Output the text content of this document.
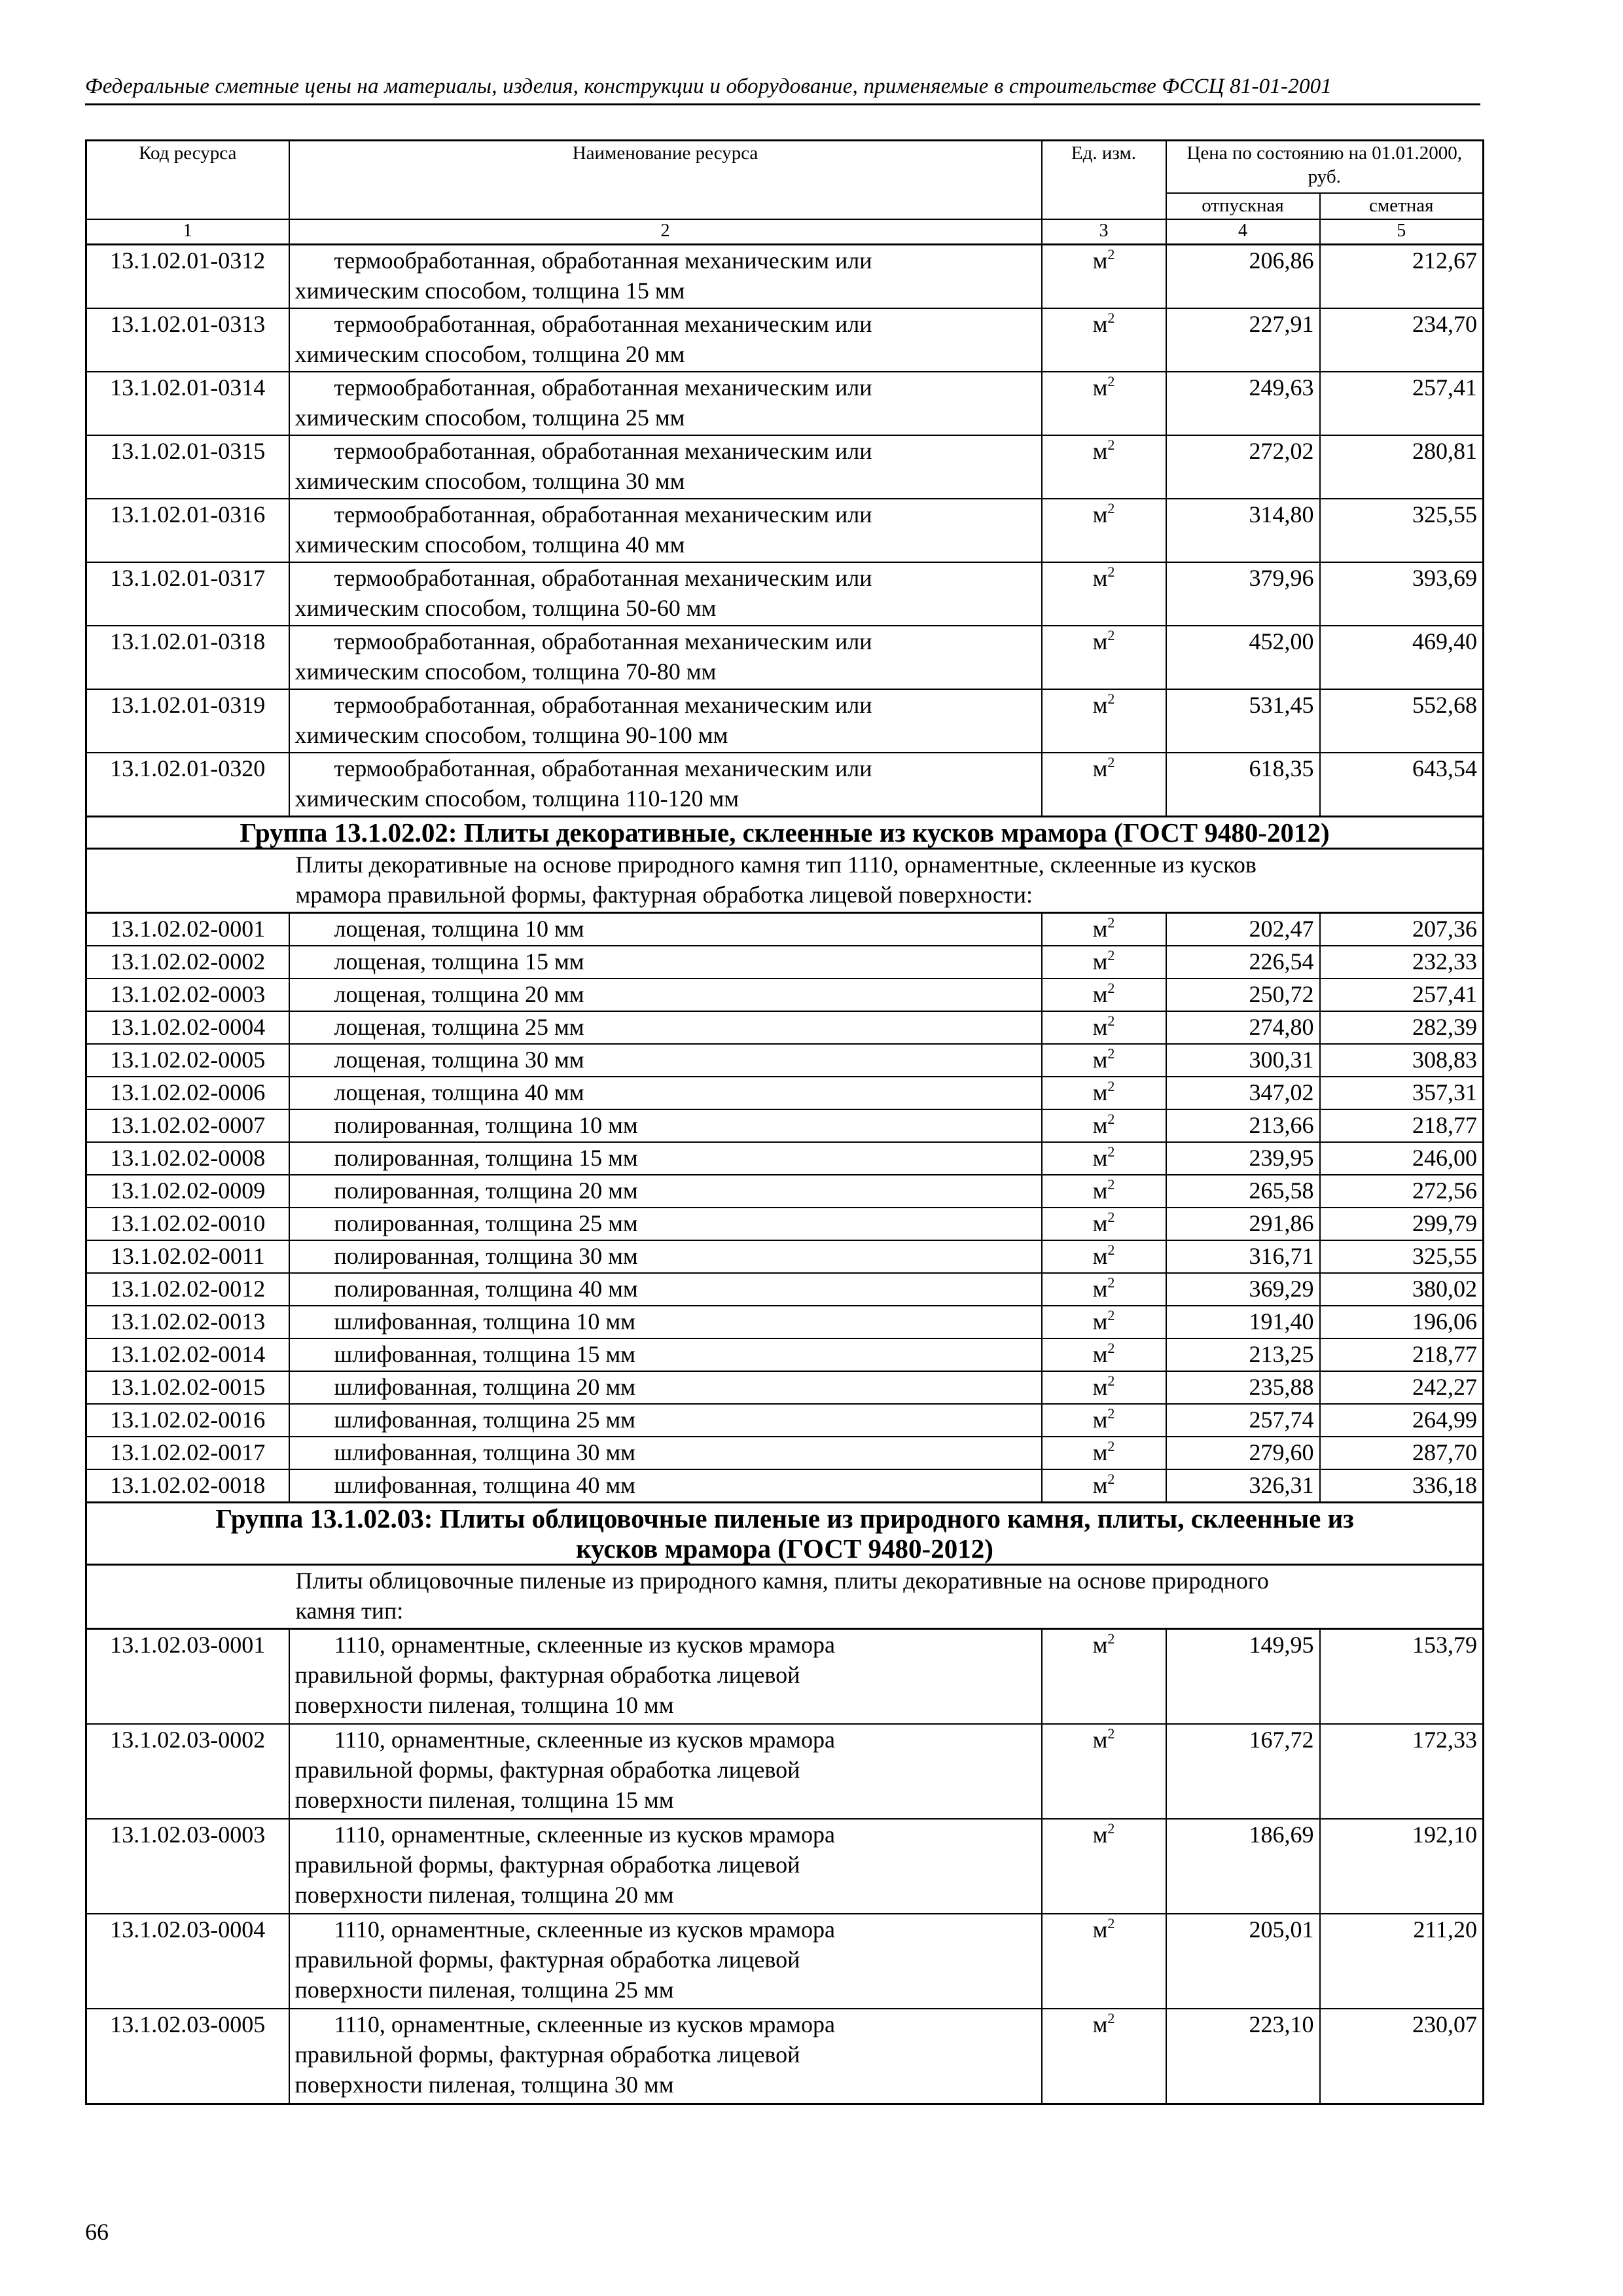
Федеральные сметные цены на материалы, изделия, конструкции и оборудование, применяемые в строительстве ФССЦ 81-01-2001
Код ресурса	Наименование ресурса	Ед. изм.	Цена по состоянию на 01.01.2000, руб.	
			отпускная	сметная
1	2	3	4	5
13.1.02.01-0312	термообработанная, обработанная механическим или
химическим способом, толщина 15 мм	$м^2$	206,86	212,67
13.1.02.01-0313	термообработанная, обработанная механическим или
химическим способом, толщина 20 мм	$м^2$	227,91	234,70
13.1.02.01-0314	термообработанная, обработанная механическим или
химическим способом, толщина 25 мм	$м^2$	249,63	257,41
13.1.02.01-0315	термообработанная, обработанная механическим или
химическим способом, толщина 30 мм	$м^2$	272,02	280,81
13.1.02.01-0316	термообработанная, обработанная механическим или
химическим способом, толщина 40 мм	$м^2$	314,80	325,55
13.1.02.01-0317	термообработанная, обработанная механическим или
химическим способом, толщина 50-60 мм	$м^2$	379,96	393,69
13.1.02.01-0318	термообработанная, обработанная механическим или
химическим способом, толщина 70-80 мм	$м^2$	452,00	469,40
13.1.02.01-0319	термообработанная, обработанная механическим или
химическим способом, толщина 90-100 мм	$м^2$	531,45	552,68
13.1.02.01-0320	термообработанная, обработанная механическим или
химическим способом, толщина 110-120 мм	$м^2$	618,35	643,54
Группа 13.1.02.02: Плиты декоративные, склеенные из кусков мрамора (ГОСТ 9480-2012)				
	Плиты декоративные на основе природного камня тип 1110, орнаментные, склеенные из кусков
мрамора правильной формы, фактурная обработка лицевой поверхности:			
13.1.02.02-0001	лощеная, толщина 10 мм	$м^2$	202,47	207,36
13.1.02.02-0002	лощеная, толщина 15 мм	$м^2$	226,54	232,33
13.1.02.02-0003	лощеная, толщина 20 мм	$м^2$	250,72	257,41
13.1.02.02-0004	лощеная, толщина 25 мм	$м^2$	274,80	282,39
13.1.02.02-0005	лощеная, толщина 30 мм	$м^2$	300,31	308,83
13.1.02.02-0006	лощеная, толщина 40 мм	$м^2$	347,02	357,31
13.1.02.02-0007	полированная, толщина 10 мм	$м^2$	213,66	218,77
13.1.02.02-0008	полированная, толщина 15 мм	$м^2$	239,95	246,00
13.1.02.02-0009	полированная, толщина 20 мм	$м^2$	265,58	272,56
13.1.02.02-0010	полированная, толщина 25 мм	$м^2$	291,86	299,79
13.1.02.02-0011	полированная, толщина 30 мм	$м^2$	316,71	325,55
13.1.02.02-0012	полированная, толщина 40 мм	$м^2$	369,29	380,02
13.1.02.02-0013	шлифованная, толщина 10 мм	$м^2$	191,40	196,06
13.1.02.02-0014	шлифованная, толщина 15 мм	$м^2$	213,25	218,77
13.1.02.02-0015	шлифованная, толщина 20 мм	$м^2$	235,88	242,27
13.1.02.02-0016	шлифованная, толщина 25 мм	$м^2$	257,74	264,99
13.1.02.02-0017	шлифованная, толщина 30 мм	$м^2$	279,60	287,70
13.1.02.02-0018	шлифованная, толщина 40 мм	$м^2$	326,31	336,18
Группа 13.1.02.03: Плиты облицовочные пиленые из природного камня, плиты, склеенные из
кусков мрамора (ГОСТ 9480-2012)				
	Плиты облицовочные пиленые из природного камня, плиты декоративные на основе природного
камня тип:			
13.1.02.03-0001	1110, орнаментные, склеенные из кусков мрамора
правильной формы, фактурная обработка лицевой
поверхности пиленая, толщина 10 мм	$м^2$	149,95	153,79
13.1.02.03-0002	1110, орнаментные, склеенные из кусков мрамора
правильной формы, фактурная обработка лицевой
поверхности пиленая, толщина 15 мм	$м^2$	167,72	172,33
13.1.02.03-0003	1110, орнаментные, склеенные из кусков мрамора
правильной формы, фактурная обработка лицевой
поверхности пиленая, толщина 20 мм	$м^2$	186,69	192,10
13.1.02.03-0004	1110, орнаментные, склеенные из кусков мрамора
правильной формы, фактурная обработка лицевой
поверхности пиленая, толщина 25 мм	$м^2$	205,01	211,20
13.1.02.03-0005	1110, орнаментные, склеенные из кусков мрамора
правильной формы, фактурная обработка лицевой
поверхности пиленая, толщина 30 мм	$м^2$	223,10	230,07
66
